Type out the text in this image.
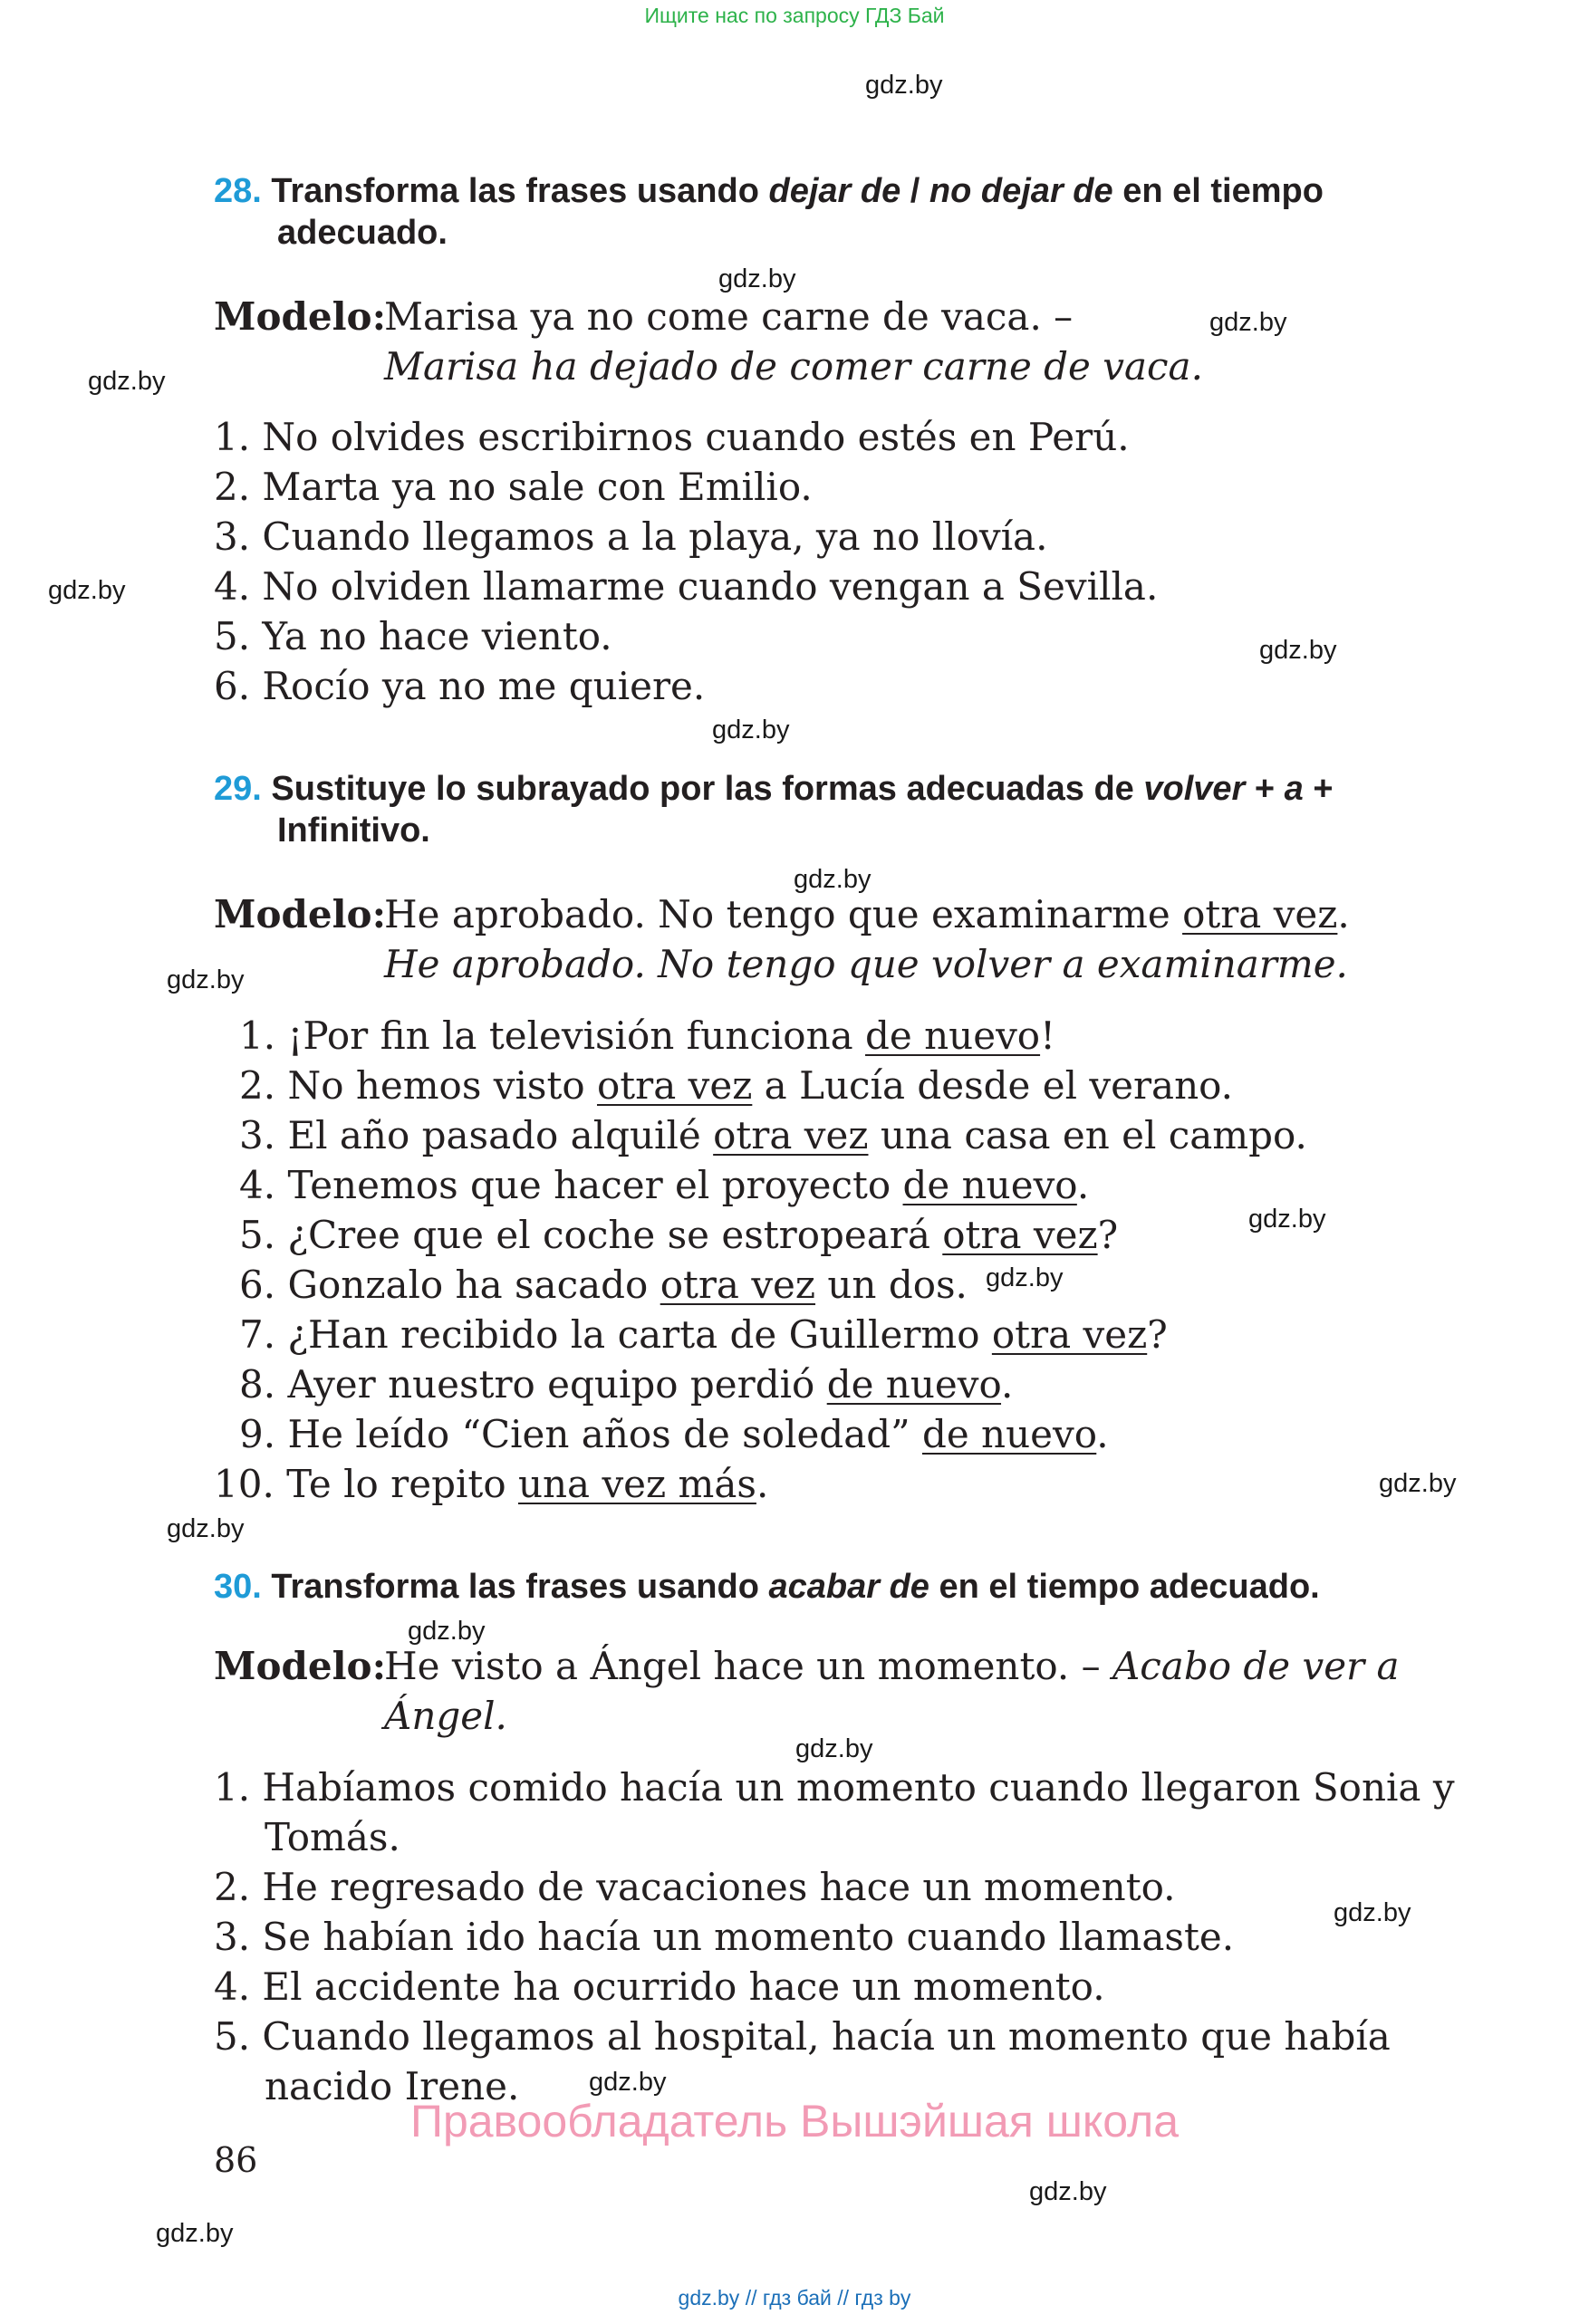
Ищите нас по запросу ГДЗ Бай
gdz.by
gdz.by
gdz.by
gdz.by
gdz.by
gdz.by
gdz.by
gdz.by
gdz.by
gdz.by
gdz.by
gdz.by
gdz.by
gdz.by
gdz.by
gdz.by
gdz.by
gdz.by
gdz.by
28. Transforma las frases usando dejar de / no dejar de en el tiempo
adecuado.
Modelo:
Marisa ya no come carne de vaca. –
Marisa ha dejado de comer carne de vaca.
1. No olvides escribirnos cuando estés en Perú.
2. Marta ya no sale con Emilio.
3. Cuando llegamos a la playa, ya no llovía.
4. No olviden llamarme cuando vengan a Sevilla.
5. Ya no hace viento.
6. Rocío ya no me quiere.
29. Sustituye lo subrayado por las formas adecuadas de volver + a +
Infinitivo.
Modelo:
He aprobado. No tengo que examinarme otra vez.
He aprobado. No tengo que volver a examinarme.
1. ¡Por fin la televisión funciona de nuevo!
2. No hemos visto otra vez a Lucía desde el verano.
3. El año pasado alquilé otra vez una casa en el campo.
4. Tenemos que hacer el proyecto de nuevo.
5. ¿Cree que el coche se estropeará otra vez?
6. Gonzalo ha sacado otra vez un dos.
7. ¿Han recibido la carta de Guillermo otra vez?
8. Ayer nuestro equipo perdió de nuevo.
9. He leído “Cien años de soledad” de nuevo.
10. Te lo repito una vez más.
30. Transforma las frases usando acabar de en el tiempo adecuado.
Modelo:
He visto a Ángel hace un momento. – Acabo de ver a
Ángel.
1. Habíamos comido hacía un momento cuando llegaron Sonia y
Tomás.
2. He regresado de vacaciones hace un momento.
3. Se habían ido hacía un momento cuando llamaste.
4. El accidente ha ocurrido hace un momento.
5. Cuando llegamos al hospital, hacía un momento que había
nacido Irene.
Правообладатель Вышэйшая школа
86
gdz.by // гдз бай // гдз by
